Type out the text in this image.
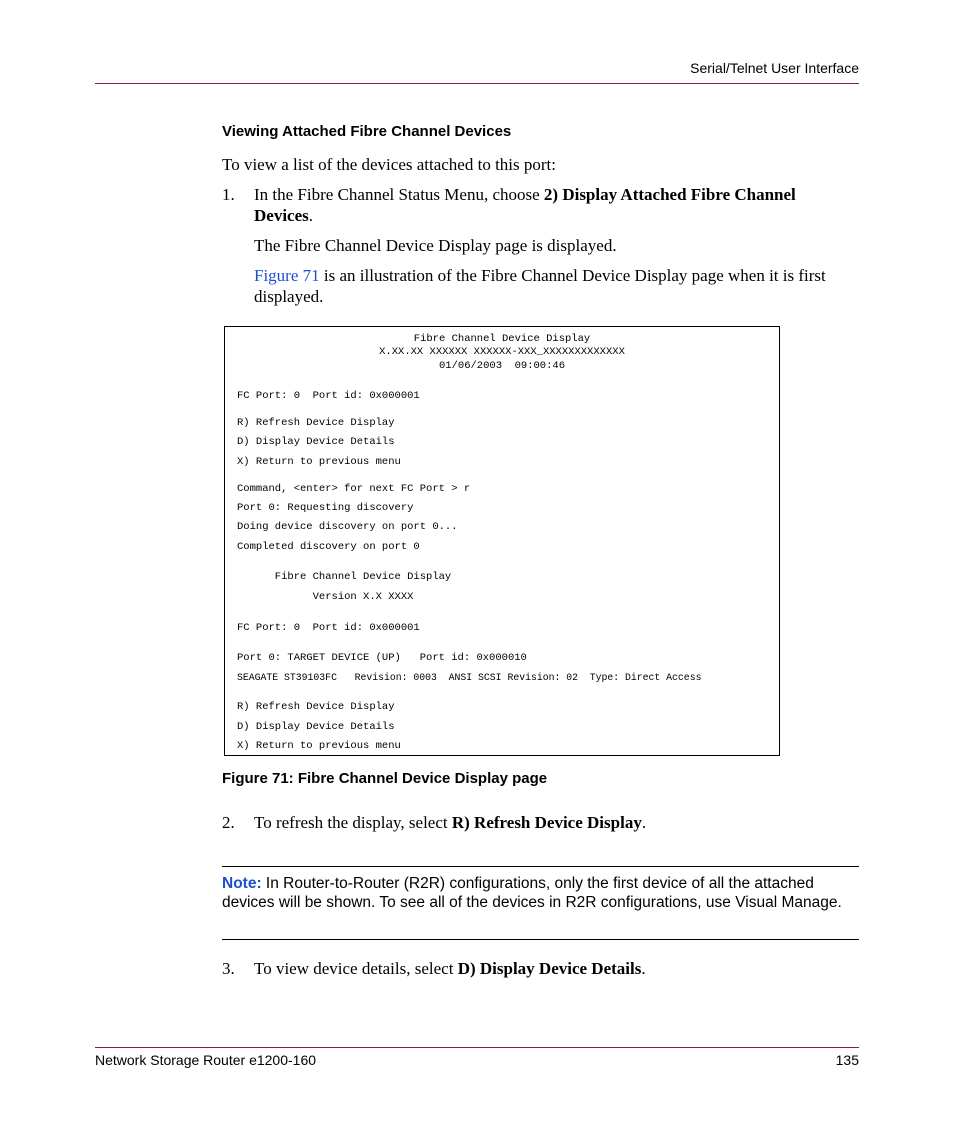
Serial/Telnet User Interface
Viewing Attached Fibre Channel Devices
To view a list of the devices attached to this port:
1. In the Fibre Channel Status Menu, choose 2) Display Attached Fibre Channel Devices.
The Fibre Channel Device Display page is displayed.
Figure 71 is an illustration of the Fibre Channel Device Display page when it is first displayed.
Fibre Channel Device Display
X.XX.XX XXXXXX XXXXXX-XXX_XXXXXXXXXXXXX
01/06/2003  09:00:46
FC Port: 0  Port id: 0x000001
R) Refresh Device Display
D) Display Device Details
X) Return to previous menu
Command, <enter> for next FC Port > r
Port 0: Requesting discovery
Doing device discovery on port 0...
Completed discovery on port 0
Fibre Channel Device Display
Version X.X XXXX
FC Port: 0  Port id: 0x000001
Port 0: TARGET DEVICE (UP)   Port id: 0x000010
SEAGATE ST39103FC   Revision: 0003  ANSI SCSI Revision: 02  Type: Direct Access
R) Refresh Device Display
D) Display Device Details
X) Return to previous menu
Figure 71: Fibre Channel Device Display page
2. To refresh the display, select R) Refresh Device Display.
Note: In Router-to-Router (R2R) configurations, only the first device of all the attached devices will be shown. To see all of the devices in R2R configurations, use Visual Manage.
3. To view device details, select D) Display Device Details.
Network Storage Router e1200-160	135
